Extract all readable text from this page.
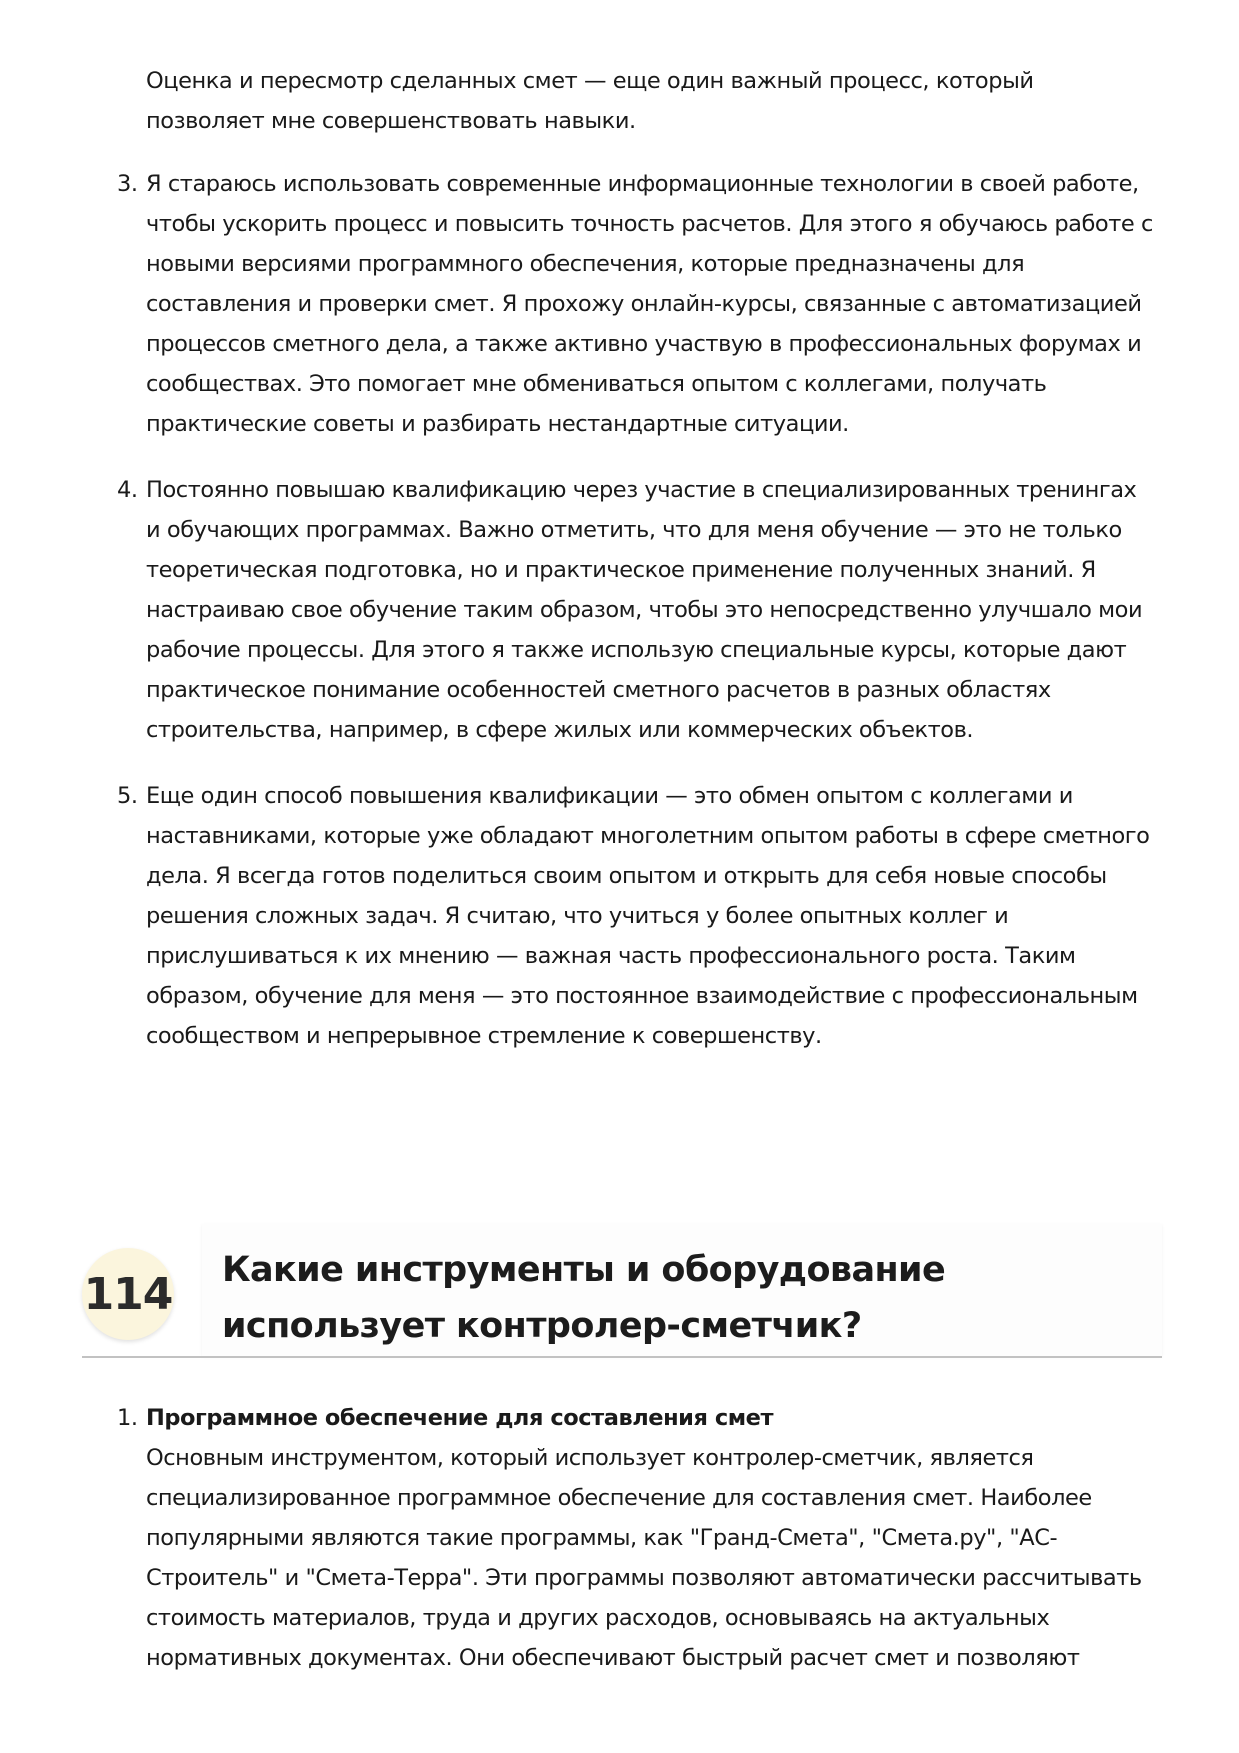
Оценка и пересмотр сделанных смет — еще один важный процесс, который позволяет мне совершенствовать навыки.

3. Я стараюсь использовать современные информационные технологии в своей работе, чтобы ускорить процесс и повысить точность расчетов. Для этого я обучаюсь работе с новыми версиями программного обеспечения, которые предназначены для составления и проверки смет. Я прохожу онлайн-курсы, связанные с автоматизацией процессов сметного дела, а также активно участвую в профессиональных форумах и сообществах. Это помогает мне обмениваться опытом с коллегами, получать практические советы и разбирать нестандартные ситуации.
4. Постоянно повышаю квалификацию через участие в специализированных тренингах и обучающих программах. Важно отметить, что для меня обучение — это не только теоретическая подготовка, но и практическое применение полученных знаний. Я настраиваю свое обучение таким образом, чтобы это непосредственно улучшало мои рабочие процессы. Для этого я также использую специальные курсы, которые дают практическое понимание особенностей сметного расчетов в разных областях строительства, например, в сфере жилых или коммерческих объектов.
5. Еще один способ повышения квалификации — это обмен опытом с коллегами и наставниками, которые уже обладают многолетним опытом работы в сфере сметного дела. Я всегда готов поделиться своим опытом и открыть для себя новые способы решения сложных задач. Я считаю, что учиться у более опытных коллег и прислушиваться к их мнению — важная часть профессионального роста. Таким образом, обучение для меня — это постоянное взаимодействие с профессиональным сообществом и непрерывное стремление к совершенству.
114 Какие инструменты и оборудование использует контролер-сметчик?
1. Программное обеспечение для составления смет
Основным инструментом, который использует контролер-сметчик, является специализированное программное обеспечение для составления смет. Наиболее популярными являются такие программы, как "Гранд-Смета", "Смета.ру", "АС-Строитель" и "Смета-Терра". Эти программы позволяют автоматически рассчитывать стоимость материалов, труда и других расходов, основываясь на актуальных нормативных документах. Они обеспечивают быстрый расчет смет и позволяют
